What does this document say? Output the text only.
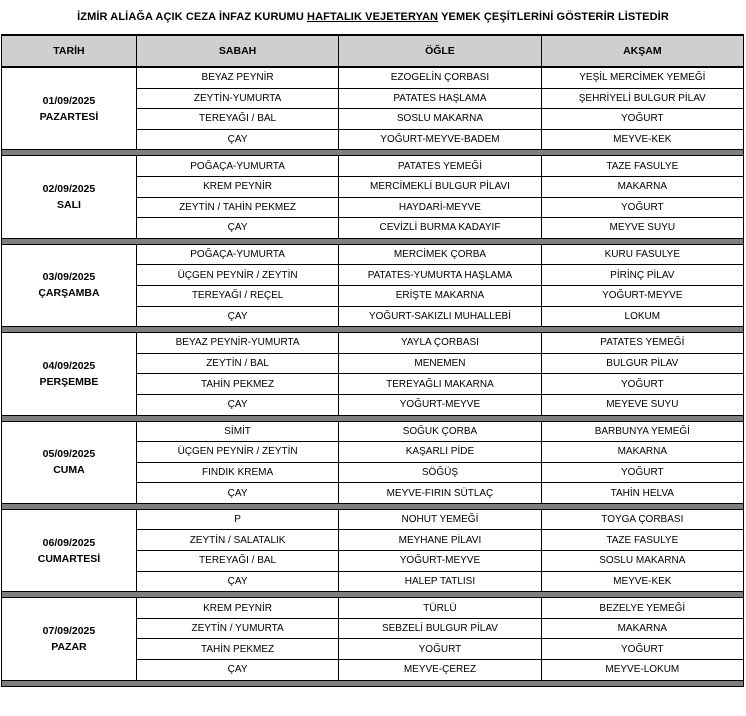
İZMİR ALİAĞA AÇIK CEZA İNFAZ KURUMU HAFTALIK VEJETERYAN YEMEK ÇEŞİTLERİNİ GÖSTERİR LİSTEDİR
TARİH	SABAH	ÖĞLE	AKŞAM

01/09/2025
PAZARTESİ	BEYAZ PEYNİR	EZOGELİN ÇORBASI	YEŞİL MERCİMEK YEMEĞİ
	ZEYTİN-YUMURTA	PATATES HAŞLAMA	ŞEHRİYELİ BULGUR PİLAV
	TEREYAĞI / BAL	SOSLU MAKARNA	YOĞURT
	ÇAY	YOĞURT-MEYVE-BADEM	MEYVE-KEK

02/09/2025
SALI	POĞAÇA-YUMURTA	PATATES YEMEĞİ	TAZE FASULYE
	KREM PEYNİR	MERCİMEKLİ BULGUR PİLAVI	MAKARNA
	ZEYTİN / TAHİN PEKMEZ	HAYDARİ-MEYVE	YOĞURT
	ÇAY	CEVİZLİ BURMA KADAYIF	MEYVE SUYU

03/09/2025
ÇARŞAMBA	POĞAÇA-YUMURTA	MERCİMEK ÇORBA	KURU FASULYE
	ÜÇGEN PEYNİR / ZEYTİN	PATATES-YUMURTA HAŞLAMA	PİRİNÇ PİLAV
	TEREYAĞI / REÇEL	ERİŞTE MAKARNA	YOĞURT-MEYVE
	ÇAY	YOĞURT-SAKIZLI MUHALLEBİ	LOKUM

04/09/2025
PERŞEMBE	BEYAZ PEYNİR-YUMURTA	YAYLA ÇORBASI	PATATES YEMEĞİ
	ZEYTİN / BAL	MENEMEN	BULGUR PİLAV
	TAHİN PEKMEZ	TEREYAĞLI MAKARNA	YOĞURT
	ÇAY	YOĞURT-MEYVE	MEYEVE SUYU

05/09/2025
CUMA	SİMİT	SOĞUK ÇORBA	BARBUNYA YEMEĞİ
	ÜÇGEN PEYNİR / ZEYTİN	KAŞARLI PİDE	MAKARNA
	FINDIK KREMA	SÖĞÜŞ	YOĞURT
	ÇAY	MEYVE-FIRIN SÜTLAÇ	TAHİN HELVA

06/09/2025
CUMARTESİ	P	NOHUT YEMEĞİ	TOYGA ÇORBASI
	ZEYTİN / SALATALIK	MEYHANE PİLAVI	TAZE FASULYE
	TEREYAĞI / BAL	YOĞURT-MEYVE	SOSLU MAKARNA
	ÇAY	HALEP TATLISI	MEYVE-KEK

07/09/2025
PAZAR	KREM PEYNİR	TÜRLÜ	BEZELYE YEMEĞİ
	ZEYTİN / YUMURTA	SEBZELİ BULGUR PİLAV	MAKARNA
	TAHİN PEKMEZ	YOĞURT	YOĞURT
	ÇAY	MEYVE-ÇEREZ	MEYVE-LOKUM
